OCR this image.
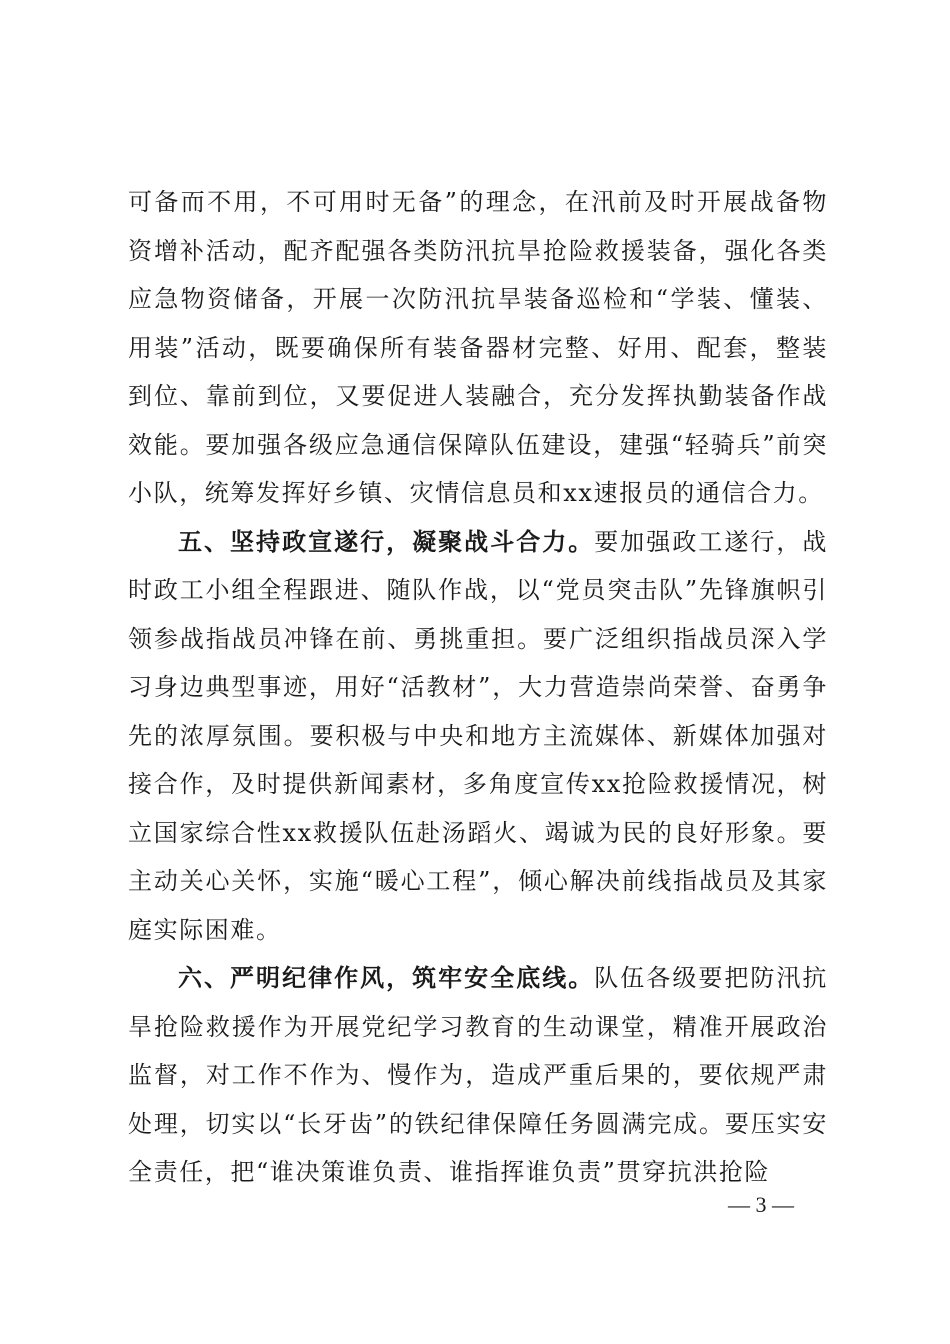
可备而不用，不可用时无备”的理念，在汛前及时开展战备物资增补活动，配齐配强各类防汛抗旱抢险救援装备，强化各类应急物资储备，开展一次防汛抗旱装备巡检和“学装、懂装、用装”活动，既要确保所有装备器材完整、好用、配套，整装到位、靠前到位，又要促进人装融合，充分发挥执勤装备作战效能。要加强各级应急通信保障队伍建设，建强“轻骑兵”前突小队，统筹发挥好乡镇、灾情信息员和xx速报员的通信合力。

五、坚持政宣遂行，凝聚战斗合力。要加强政工遂行，战时政工小组全程跟进、随队作战，以“党员突击队”先锋旗帜引领参战指战员冲锋在前、勇挑重担。要广泛组织指战员深入学习身边典型事迹，用好“活教材”，大力营造崇尚荣誉、奋勇争先的浓厚氛围。要积极与中央和地方主流媒体、新媒体加强对接合作，及时提供新闻素材，多角度宣传xx抢险救援情况，树立国家综合性xx救援队伍赴汤蹈火、竭诚为民的良好形象。要主动关心关怀，实施“暖心工程”，倾心解决前线指战员及其家庭实际困难。

六、严明纪律作风，筑牢安全底线。队伍各级要把防汛抗旱抢险救援作为开展党纪学习教育的生动课堂，精准开展政治监督，对工作不作为、慢作为，造成严重后果的，要依规严肃处理，切实以“长牙齿”的铁纪律保障任务圆满完成。要压实安全责任，把“谁决策谁负责、谁指挥谁负责”贯穿抗洪抢险

— 3 —
